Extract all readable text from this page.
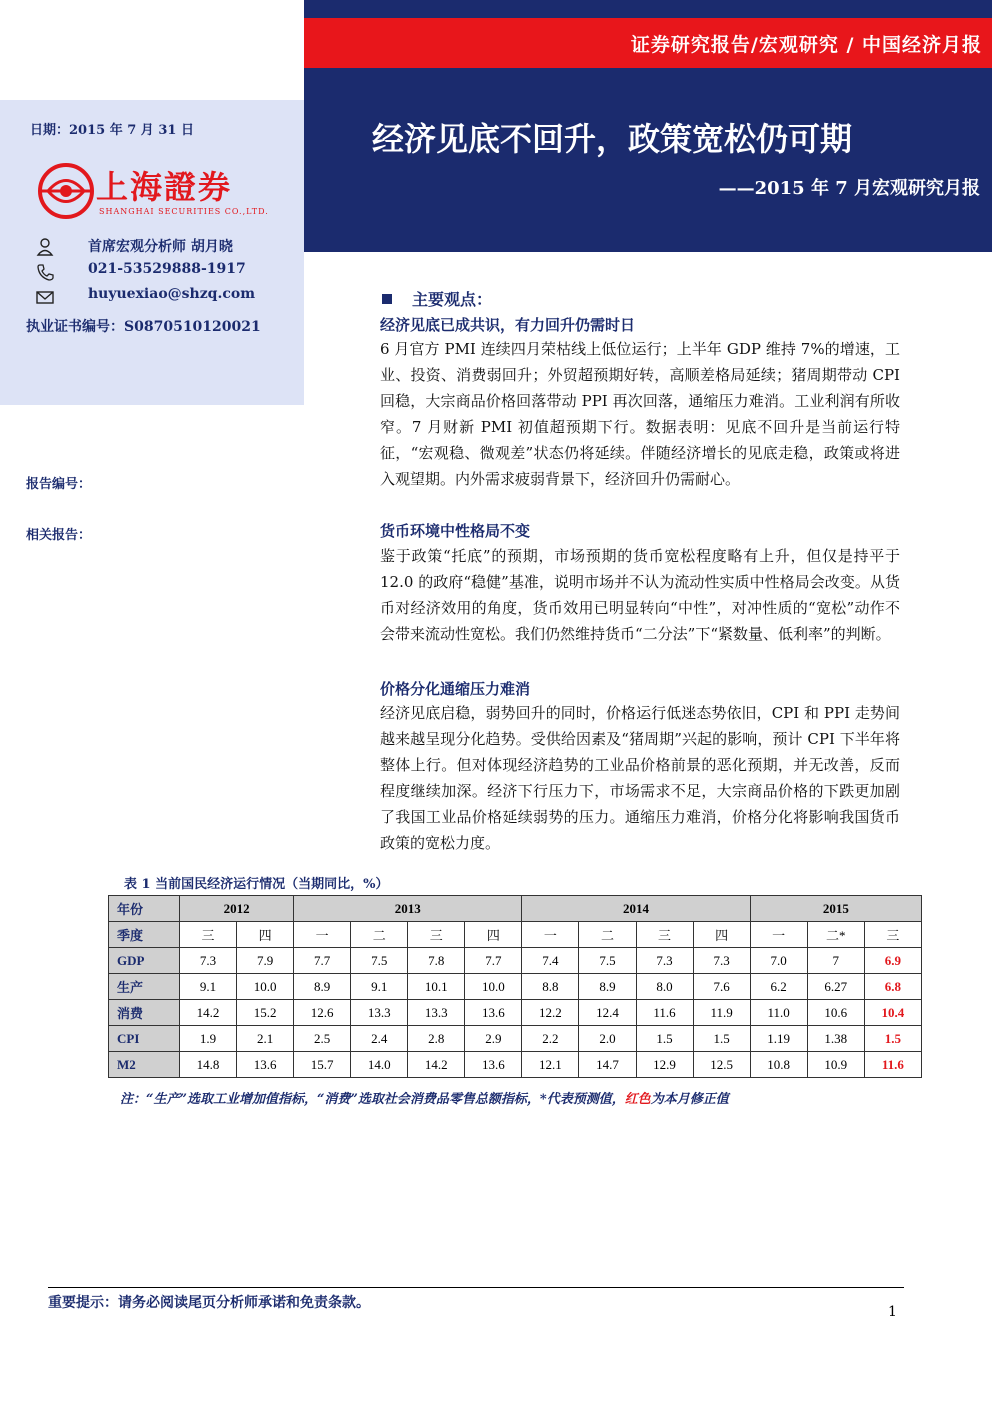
证券研究报告/宏观研究 / 中国经济月报
经济见底不回升，政策宽松仍可期
——2015 年 7 月宏观研究月报
日期：2015 年 7 月 31 日
上海證券
SHANGHAI SECURITIES CO.,LTD.
首席宏观分析师 胡月晓
021-53529888-1917
huyuexiao@shzq.com
执业证书编号：S0870510120021
报告编号：
相关报告：
主要观点：
经济见底已成共识，有力回升仍需时日
6 月官方 PMI 连续四月荣枯线上低位运行；上半年 GDP 维持 7%的增速，工业、投资、消费弱回升；外贸超预期好转，高顺差格局延续；猪周期带动 CPI 回稳，大宗商品价格回落带动 PPI 再次回落，通缩压力难消。工业利润有所收窄。7 月财新 PMI 初值超预期下行。数据表明：见底不回升是当前运行特征，“宏观稳、微观差”状态仍将延续。伴随经济增长的见底走稳，政策或将进入观望期。内外需求疲弱背景下，经济回升仍需耐心。
货币环境中性格局不变
鉴于政策“托底”的预期，市场预期的货币宽松程度略有上升，但仅是持平于 12.0 的政府“稳健”基准，说明市场并不认为流动性实质中性格局会改变。从货币对经济效用的角度，货币效用已明显转向“中性”，对冲性质的“宽松”动作不会带来流动性宽松。我们仍然维持货币“二分法”下“紧数量、低利率”的判断。
价格分化通缩压力难消
经济见底启稳，弱势回升的同时，价格运行低迷态势依旧，CPI 和 PPI 走势间越来越呈现分化趋势。受供给因素及“猪周期”兴起的影响，预计 CPI 下半年将整体上行。但对体现经济趋势的工业品价格前景的恶化预期，并无改善，反而程度继续加深。经济下行压力下，市场需求不足，大宗商品价格的下跌更加剧了我国工业品价格延续弱势的压力。通缩压力难消，价格分化将影响我国货币政策的宽松力度。
表 1 当前国民经济运行情况（当期同比，%）
年份	2012		2013				2014				2015		
季度	三	四	一	二	三	四	一	二	三	四	一	二*	三
GDP	7.3	7.9	7.7	7.5	7.8	7.7	7.4	7.5	7.3	7.3	7.0	7	6.9
生产	9.1	10.0	8.9	9.1	10.1	10.0	8.8	8.9	8.0	7.6	6.2	6.27	6.8
消费	14.2	15.2	12.6	13.3	13.3	13.6	12.2	12.4	11.6	11.9	11.0	10.6	10.4
CPI	1.9	2.1	2.5	2.4	2.8	2.9	2.2	2.0	1.5	1.5	1.19	1.38	1.5
M2	14.8	13.6	15.7	14.0	14.2	13.6	12.1	14.7	12.9	12.5	10.8	10.9	11.6
注：“生产”选取工业增加值指标，“消费”选取社会消费品零售总额指标，*代表预测值，红色为本月修正值
重要提示：请务必阅读尾页分析师承诺和免责条款。
1
